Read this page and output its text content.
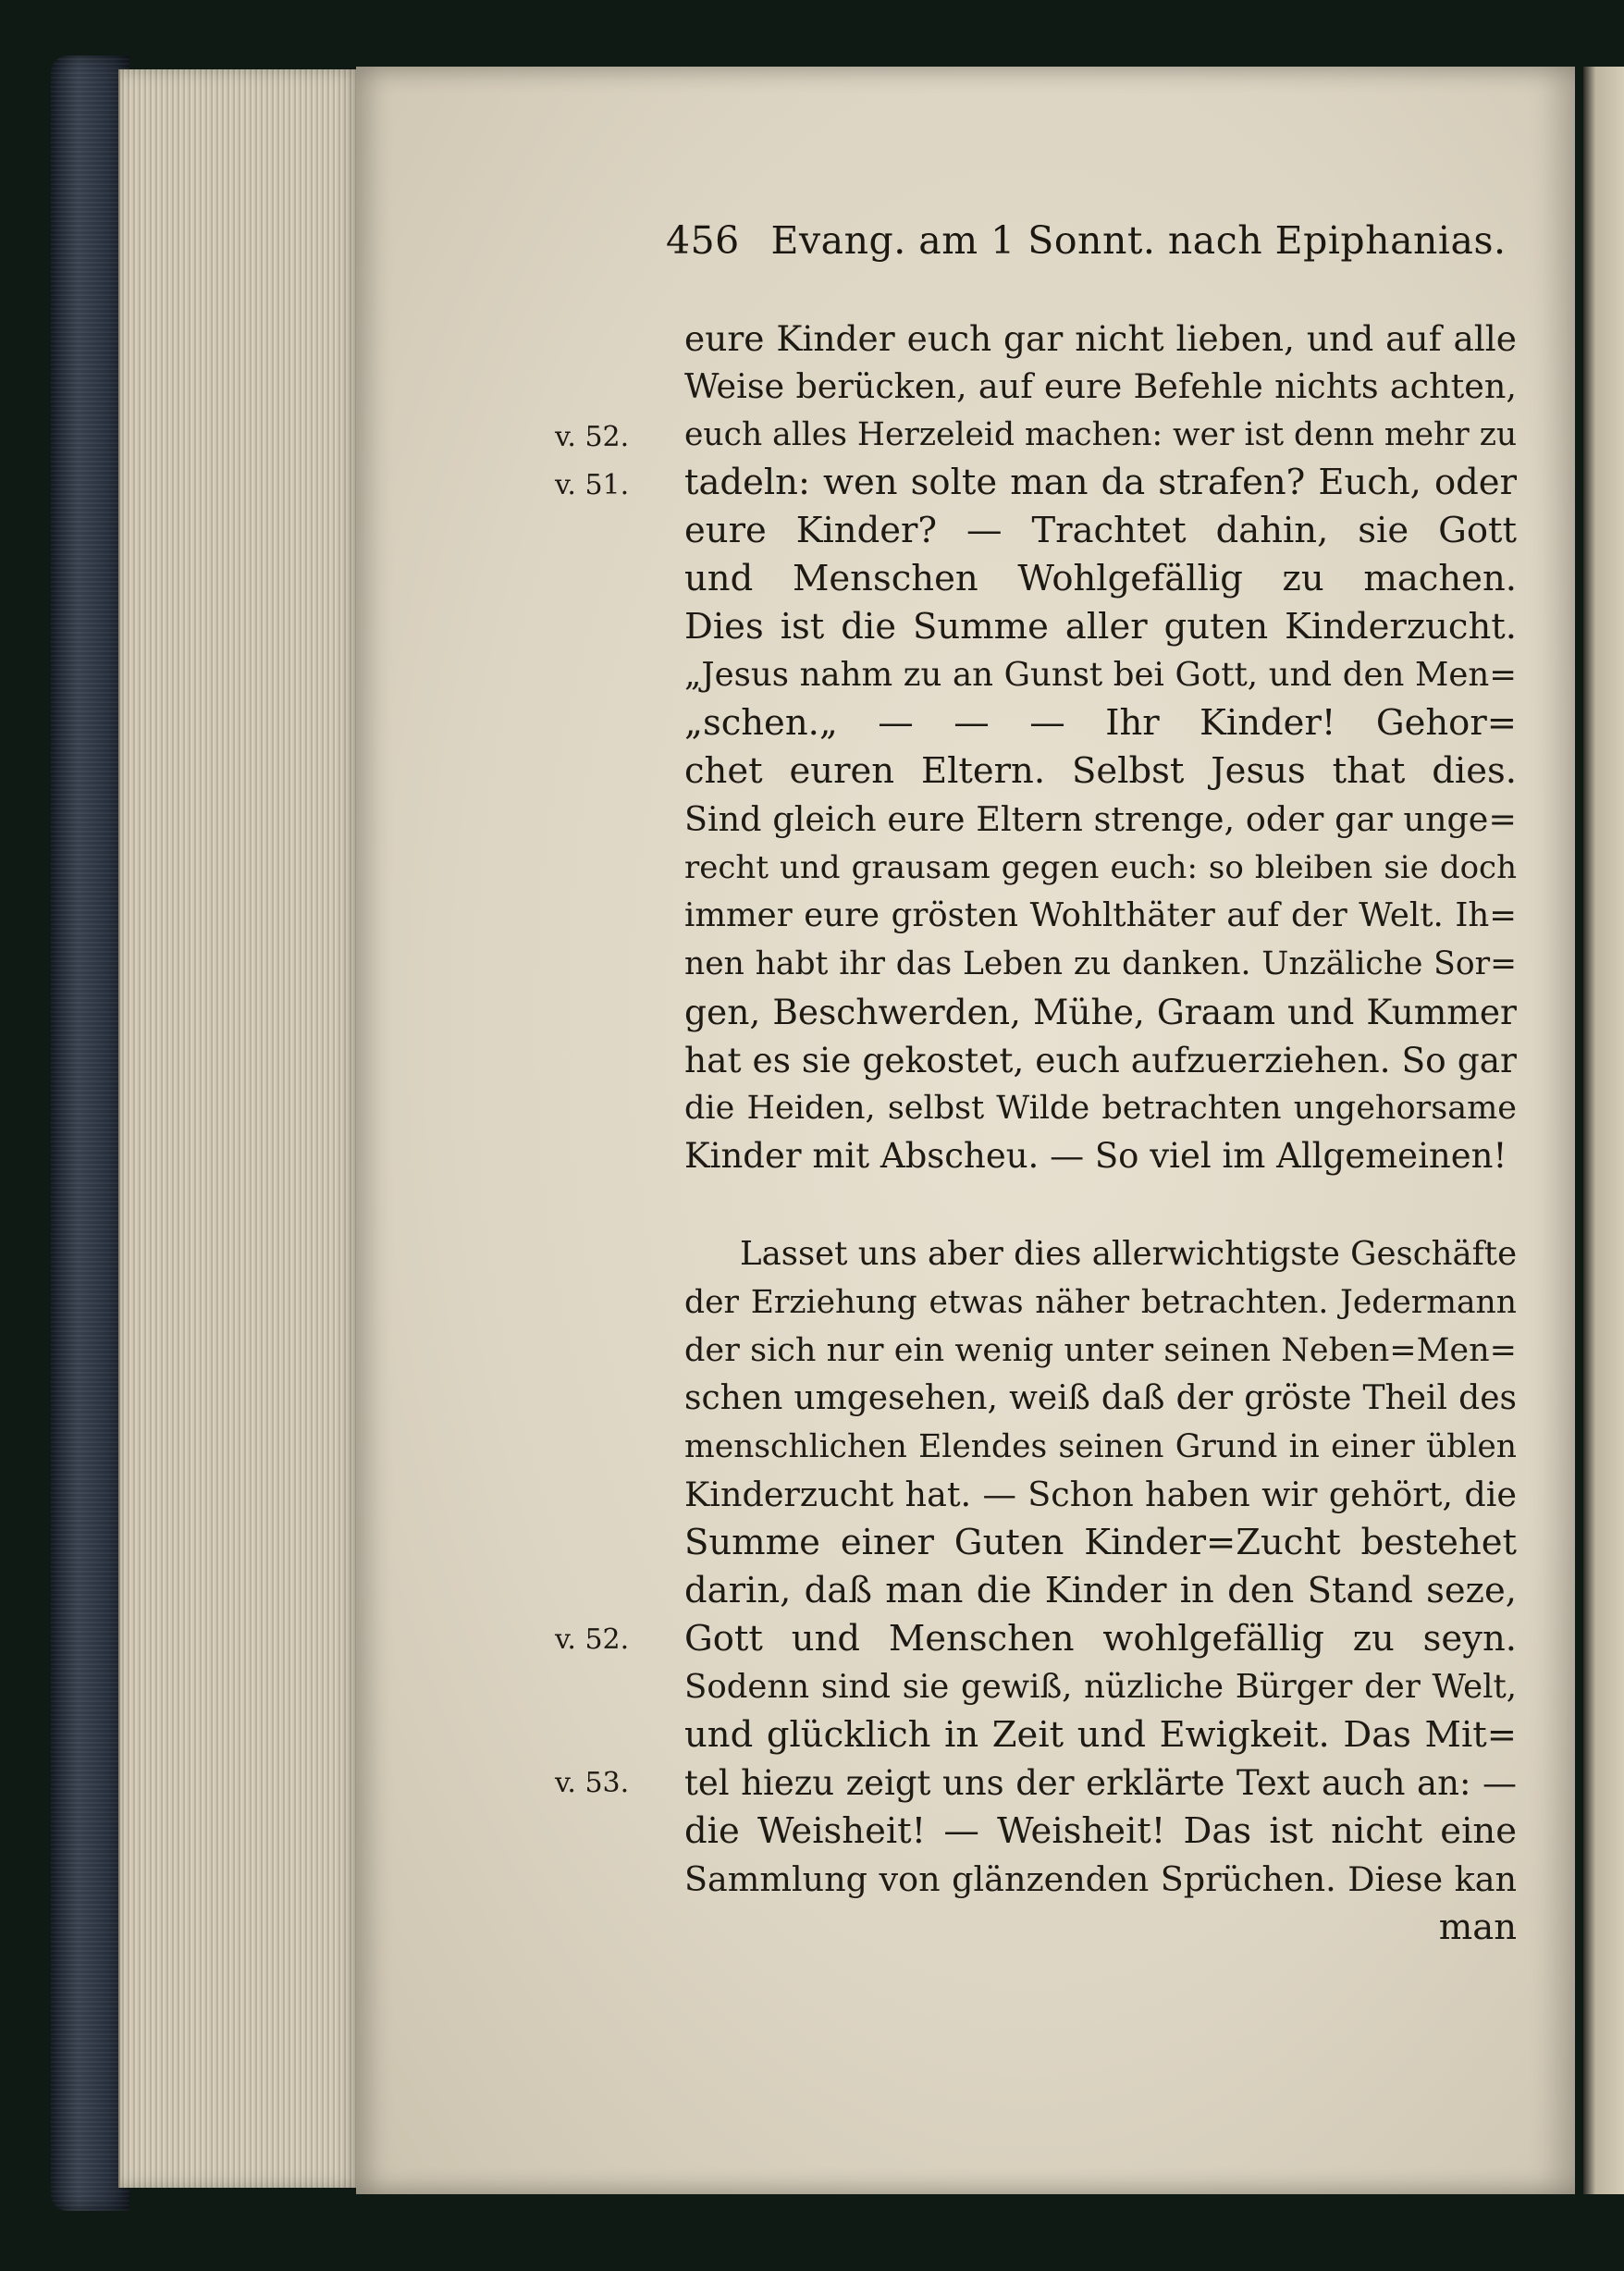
456 Evang. am 1 Sonnt. nach Epiphanias.
v. 52.
v. 51.
v. 52.
v. 53.
eure Kinder euch gar nicht lieben, und auf alle
Weise berücken, auf eure Befehle nichts achten,
euch alles Herzeleid machen: wer ist denn mehr zu
tadeln: wen solte man da strafen? Euch, oder
eure Kinder? — Trachtet dahin, sie Gott
und Menschen Wohlgefällig zu machen.
Dies ist die Summe aller guten Kinderzucht.
„Jesus nahm zu an Gunst bei Gott, und den Men=
„schen.„ — — — Ihr Kinder! Gehor=
chet euren Eltern. Selbst Jesus that dies.
Sind gleich eure Eltern strenge, oder gar unge=
recht und grausam gegen euch: so bleiben sie doch
immer eure grösten Wohlthäter auf der Welt. Ih=
nen habt ihr das Leben zu danken. Unzäliche Sor=
gen, Beschwerden, Mühe, Graam und Kummer
hat es sie gekostet, euch aufzuerziehen. So gar
die Heiden, selbst Wilde betrachten ungehorsame
Kinder mit Abscheu. — So viel im Allgemeinen!
Lasset uns aber dies allerwichtigste Geschäfte
der Erziehung etwas näher betrachten. Jedermann
der sich nur ein wenig unter seinen Neben=Men=
schen umgesehen, weiß daß der gröste Theil des
menschlichen Elendes seinen Grund in einer üblen
Kinderzucht hat. — Schon haben wir gehört, die
Summe einer Guten Kinder=Zucht bestehet
darin, daß man die Kinder in den Stand seze,
Gott und Menschen wohlgefällig zu seyn.
Sodenn sind sie gewiß, nüzliche Bürger der Welt,
und glücklich in Zeit und Ewigkeit. Das Mit=
tel hiezu zeigt uns der erklärte Text auch an: —
die Weisheit! — Weisheit! Das ist nicht eine
Sammlung von glänzenden Sprüchen. Diese kan
man
